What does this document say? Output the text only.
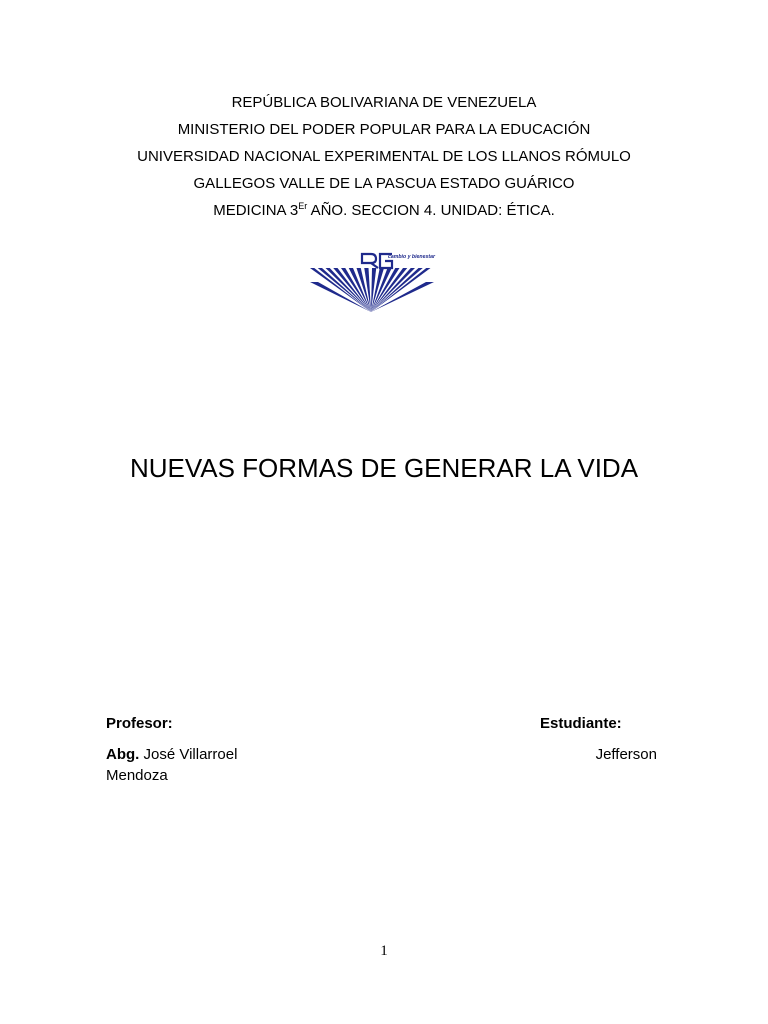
REPÚBLICA BOLIVARIANA DE VENEZUELA
MINISTERIO DEL PODER POPULAR PARA LA EDUCACIÓN
UNIVERSIDAD NACIONAL EXPERIMENTAL DE LOS LLANOS RÓMULO
GALLEGOS VALLE DE LA PASCUA ESTADO GUÁRICO
MEDICINA 3Er AÑO. SECCION 4. UNIDAD: ÉTICA.
cambio y bienestar
NUEVAS FORMAS DE GENERAR LA VIDA
Profesor:	Estudiante:
Abg. José Villarroel Mendoza
Jefferson
1
